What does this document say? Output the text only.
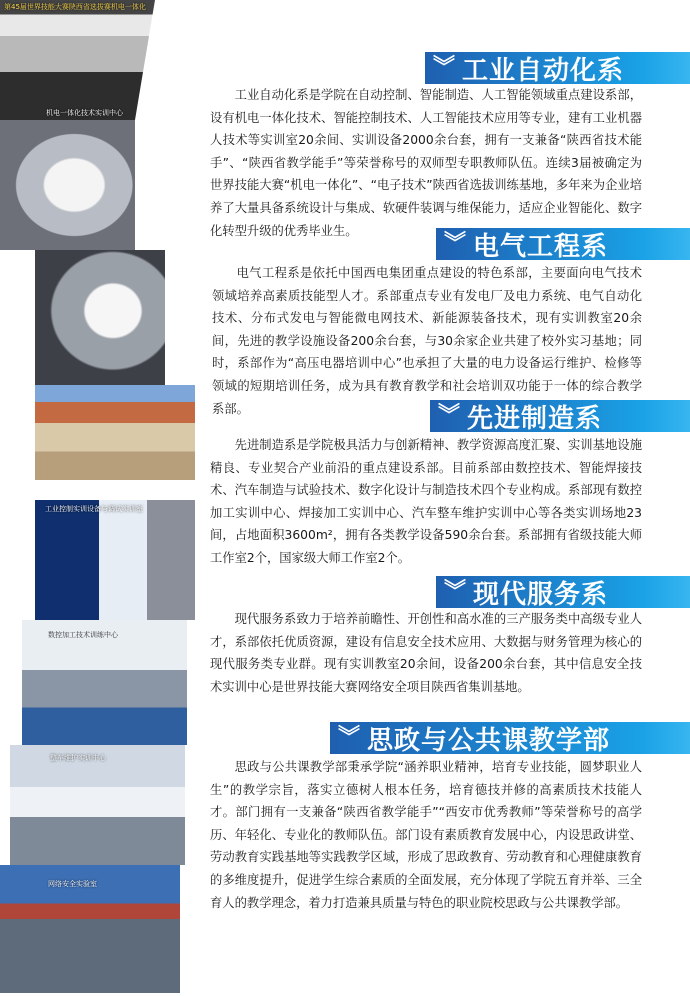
第45届世界技能大赛陕西省选拔赛机电一体化
机电一体化技术实训中心
工业控制实训设备与调试实训室
数控加工技术训练中心
整车维护实训中心
网络安全实验室
︾ 工业自动化系
工业自动化系是学院在自动控制、智能制造、人工智能领域重点建设系部，设有机电一体化技术、智能控制技术、人工智能技术应用等专业，建有工业机器人技术等实训室20余间、实训设备2000余台套，拥有一支兼备“陕西省技术能手”、“陕西省教学能手”等荣誉称号的双师型专职教师队伍。连续3届被确定为世界技能大赛“机电一体化”、“电子技术”陕西省选拔训练基地，多年来为企业培养了大量具备系统设计与集成、软硬件装调与维保能力，适应企业智能化、数字化转型升级的优秀毕业生。
︾ 电气工程系
电气工程系是依托中国西电集团重点建设的特色系部，主要面向电气技术领域培养高素质技能型人才。系部重点专业有发电厂及电力系统、电气自动化技术、分布式发电与智能微电网技术、新能源装备技术，现有实训教室20余间，先进的教学设施设备200余台套，与30余家企业共建了校外实习基地；同时，系部作为“高压电器培训中心”也承担了大量的电力设备运行维护、检修等领域的短期培训任务，成为具有教育教学和社会培训双功能于一体的综合教学系部。	︾ 先进制造系
先进制造系是学院极具活力与创新精神、教学资源高度汇聚、实训基地设施精良、专业契合产业前沿的重点建设系部。目前系部由数控技术、智能焊接技术、汽车制造与试验技术、数字化设计与制造技术四个专业构成。系部现有数控加工实训中心、焊接加工实训中心、汽车整车维护实训中心等各类实训场地23间，占地面积3600m²，拥有各类教学设备590余台套。系部拥有省级技能大师工作室2个，国家级大师工作室2个。
︾ 现代服务系
现代服务系致力于培养前瞻性、开创性和高水准的三产服务类中高级专业人才，系部依托优质资源，建设有信息安全技术应用、大数据与财务管理为核心的现代服务类专业群。现有实训教室20余间，设备200余台套，其中信息安全技术实训中心是世界技能大赛网络安全项目陕西省集训基地。
︾ 思政与公共课教学部
思政与公共课教学部秉承学院“涵养职业精神，培育专业技能，圆梦职业人生”的教学宗旨，落实立德树人根本任务，培育德技并修的高素质技术技能人才。部门拥有一支兼备“陕西省教学能手”“西安市优秀教师”等荣誉称号的高学历、年轻化、专业化的教师队伍。部门设有素质教育发展中心，内设思政讲堂、劳动教育实践基地等实践教学区域，形成了思政教育、劳动教育和心理健康教育的多维度提升，促进学生综合素质的全面发展，充分体现了学院五育并举、三全育人的教学理念，着力打造兼具质量与特色的职业院校思政与公共课教学部。
